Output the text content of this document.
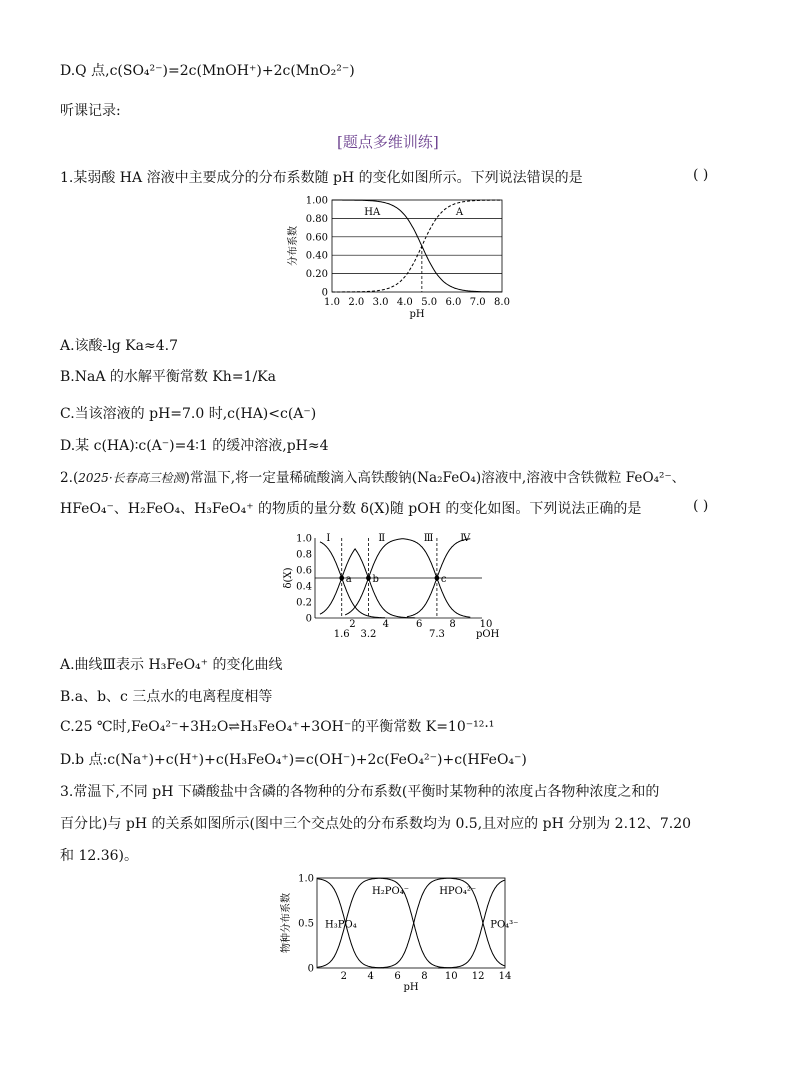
D.Q 点,c(SO₄²⁻)=2c(MnOH⁺)+2c(MnO₂²⁻)
听课记录:
[题点多维训练]
1.某弱酸 HA 溶液中主要成分的分布系数随 pH 的变化如图所示。下列说法错误的是	( )
0
0.20
0.40
0.60
0.80
1.00
1.0 2.0 3.0 4.0 5.0 6.0 7.0 8.0
pH
分布系数
HA	A
A.该酸-lg Ka≈4.7
B.NaA 的水解平衡常数 Kh=1/Ka
C.当该溶液的 pH=7.0 时,c(HA)<c(A⁻)
D.某 c(HA)∶c(A⁻)=4∶1 的缓冲溶液,pH≈4
2.(2025·长春高三检测)常温下,将一定量稀硫酸滴入高铁酸钠(Na₂FeO₄)溶液中,溶液中含铁微粒 FeO₄²⁻、
HFeO₄⁻、H₂FeO₄、H₃FeO₄⁺ 的物质的量分数 δ(X)随 pOH 的变化如图。下列说法正确的是	( )
0
0.2
0.4
0.6
0.8
1.0
2	4	6	8 10
pOH
δ(X)	a
1.6
b
3.2
c
7.3
Ⅰ	Ⅱ	Ⅲ	Ⅳ
A.曲线Ⅲ表示 H₃FeO₄⁺ 的变化曲线
B.a、b、c 三点水的电离程度相等
C.25 ℃时,FeO₄²⁻+3H₂O⇌H₃FeO₄⁺+3OH⁻的平衡常数 K=10⁻¹²·¹
D.b 点:c(Na⁺)+c(H⁺)+c(H₃FeO₄⁺)=c(OH⁻)+2c(FeO₄²⁻)+c(HFeO₄⁻)
3.常温下,不同 pH 下磷酸盐中含磷的各物种的分布系数(平衡时某物种的浓度占各物种浓度之和的
百分比)与 pH 的关系如图所示(图中三个交点处的分布系数均为 0.5,且对应的 pH 分别为 2.12、7.20
和 12.36)。
0
0.5
1.0
2 4 6 8 10 12 14
pH
物种分布系数	H₃PO₄
H₂PO₄⁻	HPO₄²⁻
PO₄³⁻
